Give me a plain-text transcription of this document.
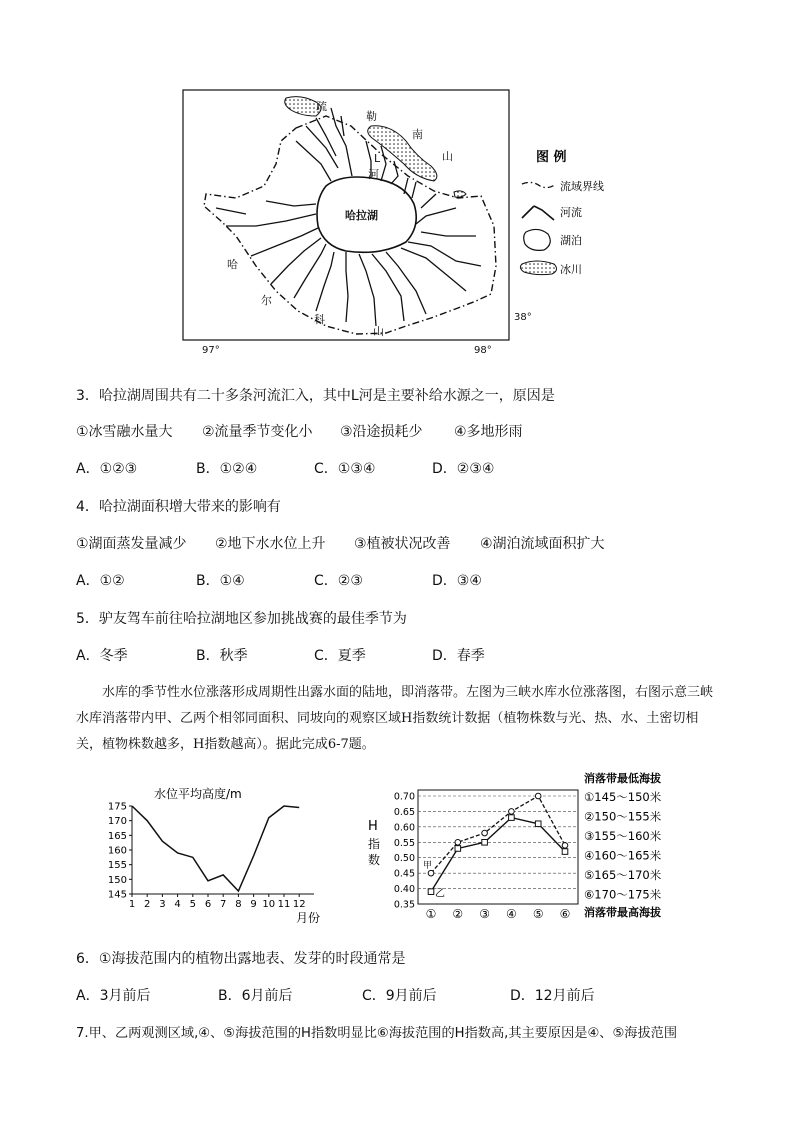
哈拉湖
L
河
疏
勒
南
山
哈
尔
科
山
97°	98°
38°
图 例
流域界线
河流
湖泊
冰川
3．哈拉湖周围共有二十多条河流汇入，其中L河是主要补给水源之一，原因是
①冰雪融水量大 ②流量季节变化小 ③沿途损耗少 ④多地形雨
A．①②③	B．①②④	C．①③④	D．②③④
4．哈拉湖面积增大带来的影响有
①湖面蒸发量减少 ②地下水水位上升 ③植被状况改善 ④湖泊流域面积扩大
A．①②	B．①④	C．②③	D．③④
5．驴友驾车前往哈拉湖地区参加挑战赛的最佳季节为
A．冬季	B．秋季	C．夏季	D．春季
水库的季节性水位涨落形成周期性出露水面的陆地，即消落带。左图为三峡水库水位涨落图，右图示意三峡水库消落带内甲、乙两个相邻同面积、同坡向的观察区域H指数统计数据（植物株数与光、热、水、土密切相关，植物株数越多，H指数越高）。据此完成6-7题。
水位平均高度/m
175
170
165
160
155
150
145
1 2 3 4 5 6 7 8 9 10 11 12
月份
消落带最低海拔
H
指
数
0.70
0.65
0.60
0.55
0.50
0.45
0.40
0.35
① ② ③ ④ ⑤ ⑥
甲
乙
①145～150米
②150～155米
③155～160米
④160～165米
⑤165～170米
⑥170～175米
消落带最高海拔
6．①海拔范围内的植物出露地表、发芽的时段通常是
A．3月前后	B．6月前后	C．9月前后	D．12月前后
7.甲、乙两观测区域,④、⑤海拔范围的H指数明显比⑥海拔范围的H指数高,其主要原因是④、⑤海拔范围
